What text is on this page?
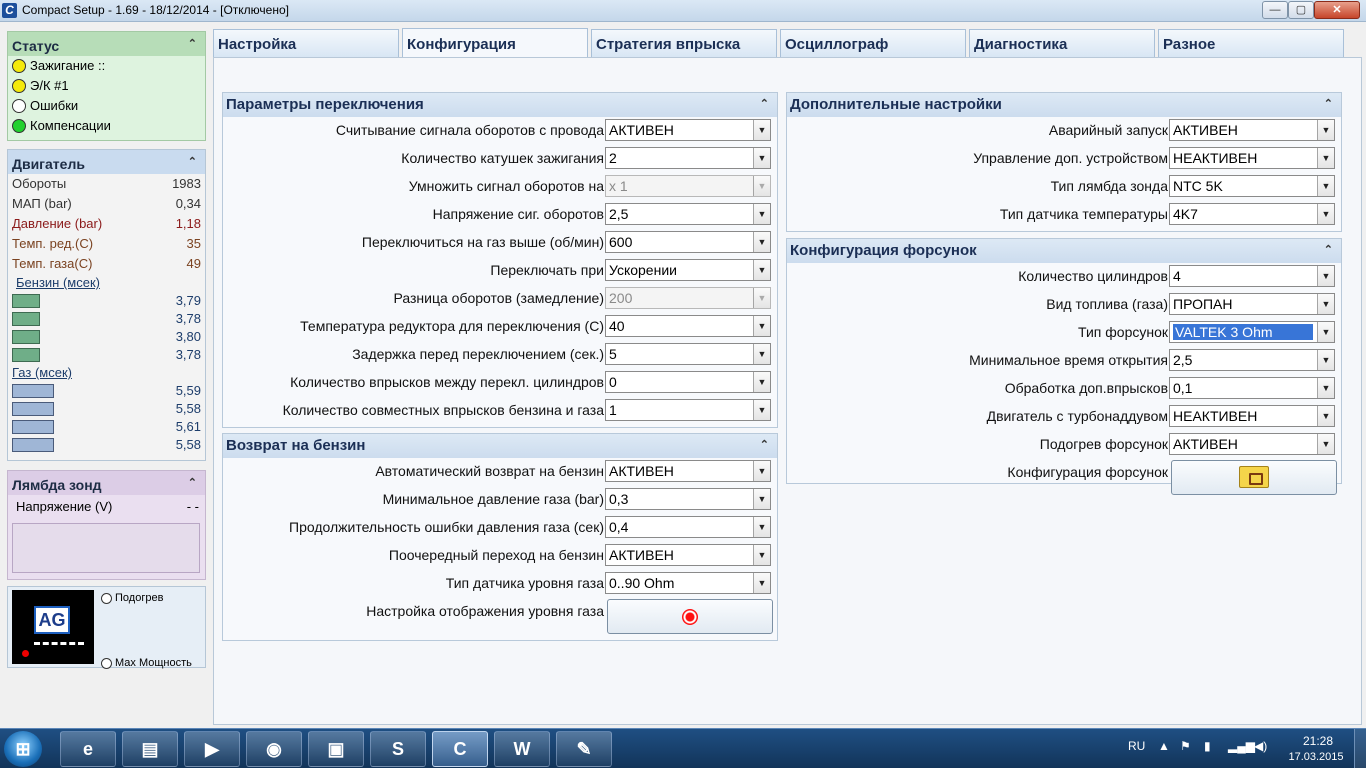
C Compact Setup - 1.69 - 18/12/2014 - [Отключено]	—	▢	✕
Статус	⌃
Зажигание ::
Э/К #1
Ошибки
Компенсации
Двигатель	⌃
Обороты	1983
МАП (bar)	0,34
Давление (bar)	1,18
Темп. ред.(C)	35
Темп. газа(C)	49
Бензин (мсек)
3,79
3,78
3,80
3,78
Газ (мсек)
5,59
5,58
5,61
5,58
Лямбда зонд	⌃
Напряжение (V)	- -
AG
Подогрев
Мах Мощность
Настройка	Конфигурация	Стратегия впрыска	Осциллограф	Диагностика	Разное
Параметры переключения	⌃
Считывание сигнала оборотов с провода АКТИВЕН	▼
Количество катушек зажигания 2	▼
Умножить сигнал оборотов на x 1	▼
Напряжение сиг. оборотов 2,5	▼
Переключиться на газ выше (об/мин) 600	▼
Переключать при Ускорении	▼
Разница оборотов (замедление) 200	▼
Температура редуктора для переключения (C) 40	▼
Задержка перед переключением (сек.) 5	▼
Количество впрысков между перекл. цилиндров 0	▼
Количество совместных впрысков бензина и газа 1	▼
Возврат на бензин	⌃
Автоматический возврат на бензин АКТИВЕН	▼
Минимальное давление газа (bar) 0,3	▼
Продолжительность ошибки давления газа (сек) 0,4	▼
Поочередный переход на бензин АКТИВЕН	▼
Тип датчика уровня газа 0..90 Ohm	▼
Настройка отображения уровня газа
Дополнительные настройки	⌃
Аварийный запуск АКТИВЕН	▼
Управление доп. устройством НЕАКТИВЕН	▼
Тип лямбда зонда NTC 5K	▼
Тип датчика температуры 4K7	▼
Конфигурация форсунок	⌃
Количество цилиндров 4	▼
Вид топлива (газа) ПРОПАН	▼
Тип форсунок VALTEK 3 Ohm	▼
Минимальное время открытия 2,5	▼
Обработка доп.впрысков 0,1	▼
Двигатель с турбонаддувом НЕАКТИВЕН	▼
Подогрев форсунок АКТИВЕН	▼
Конфигурация форсунок
⊞	e	▤	▶	◉	▣	S	C	W	✎	RU ▲ ⚑ ▮ ▂▄▆ ◀)	21:28
17.03.2015
